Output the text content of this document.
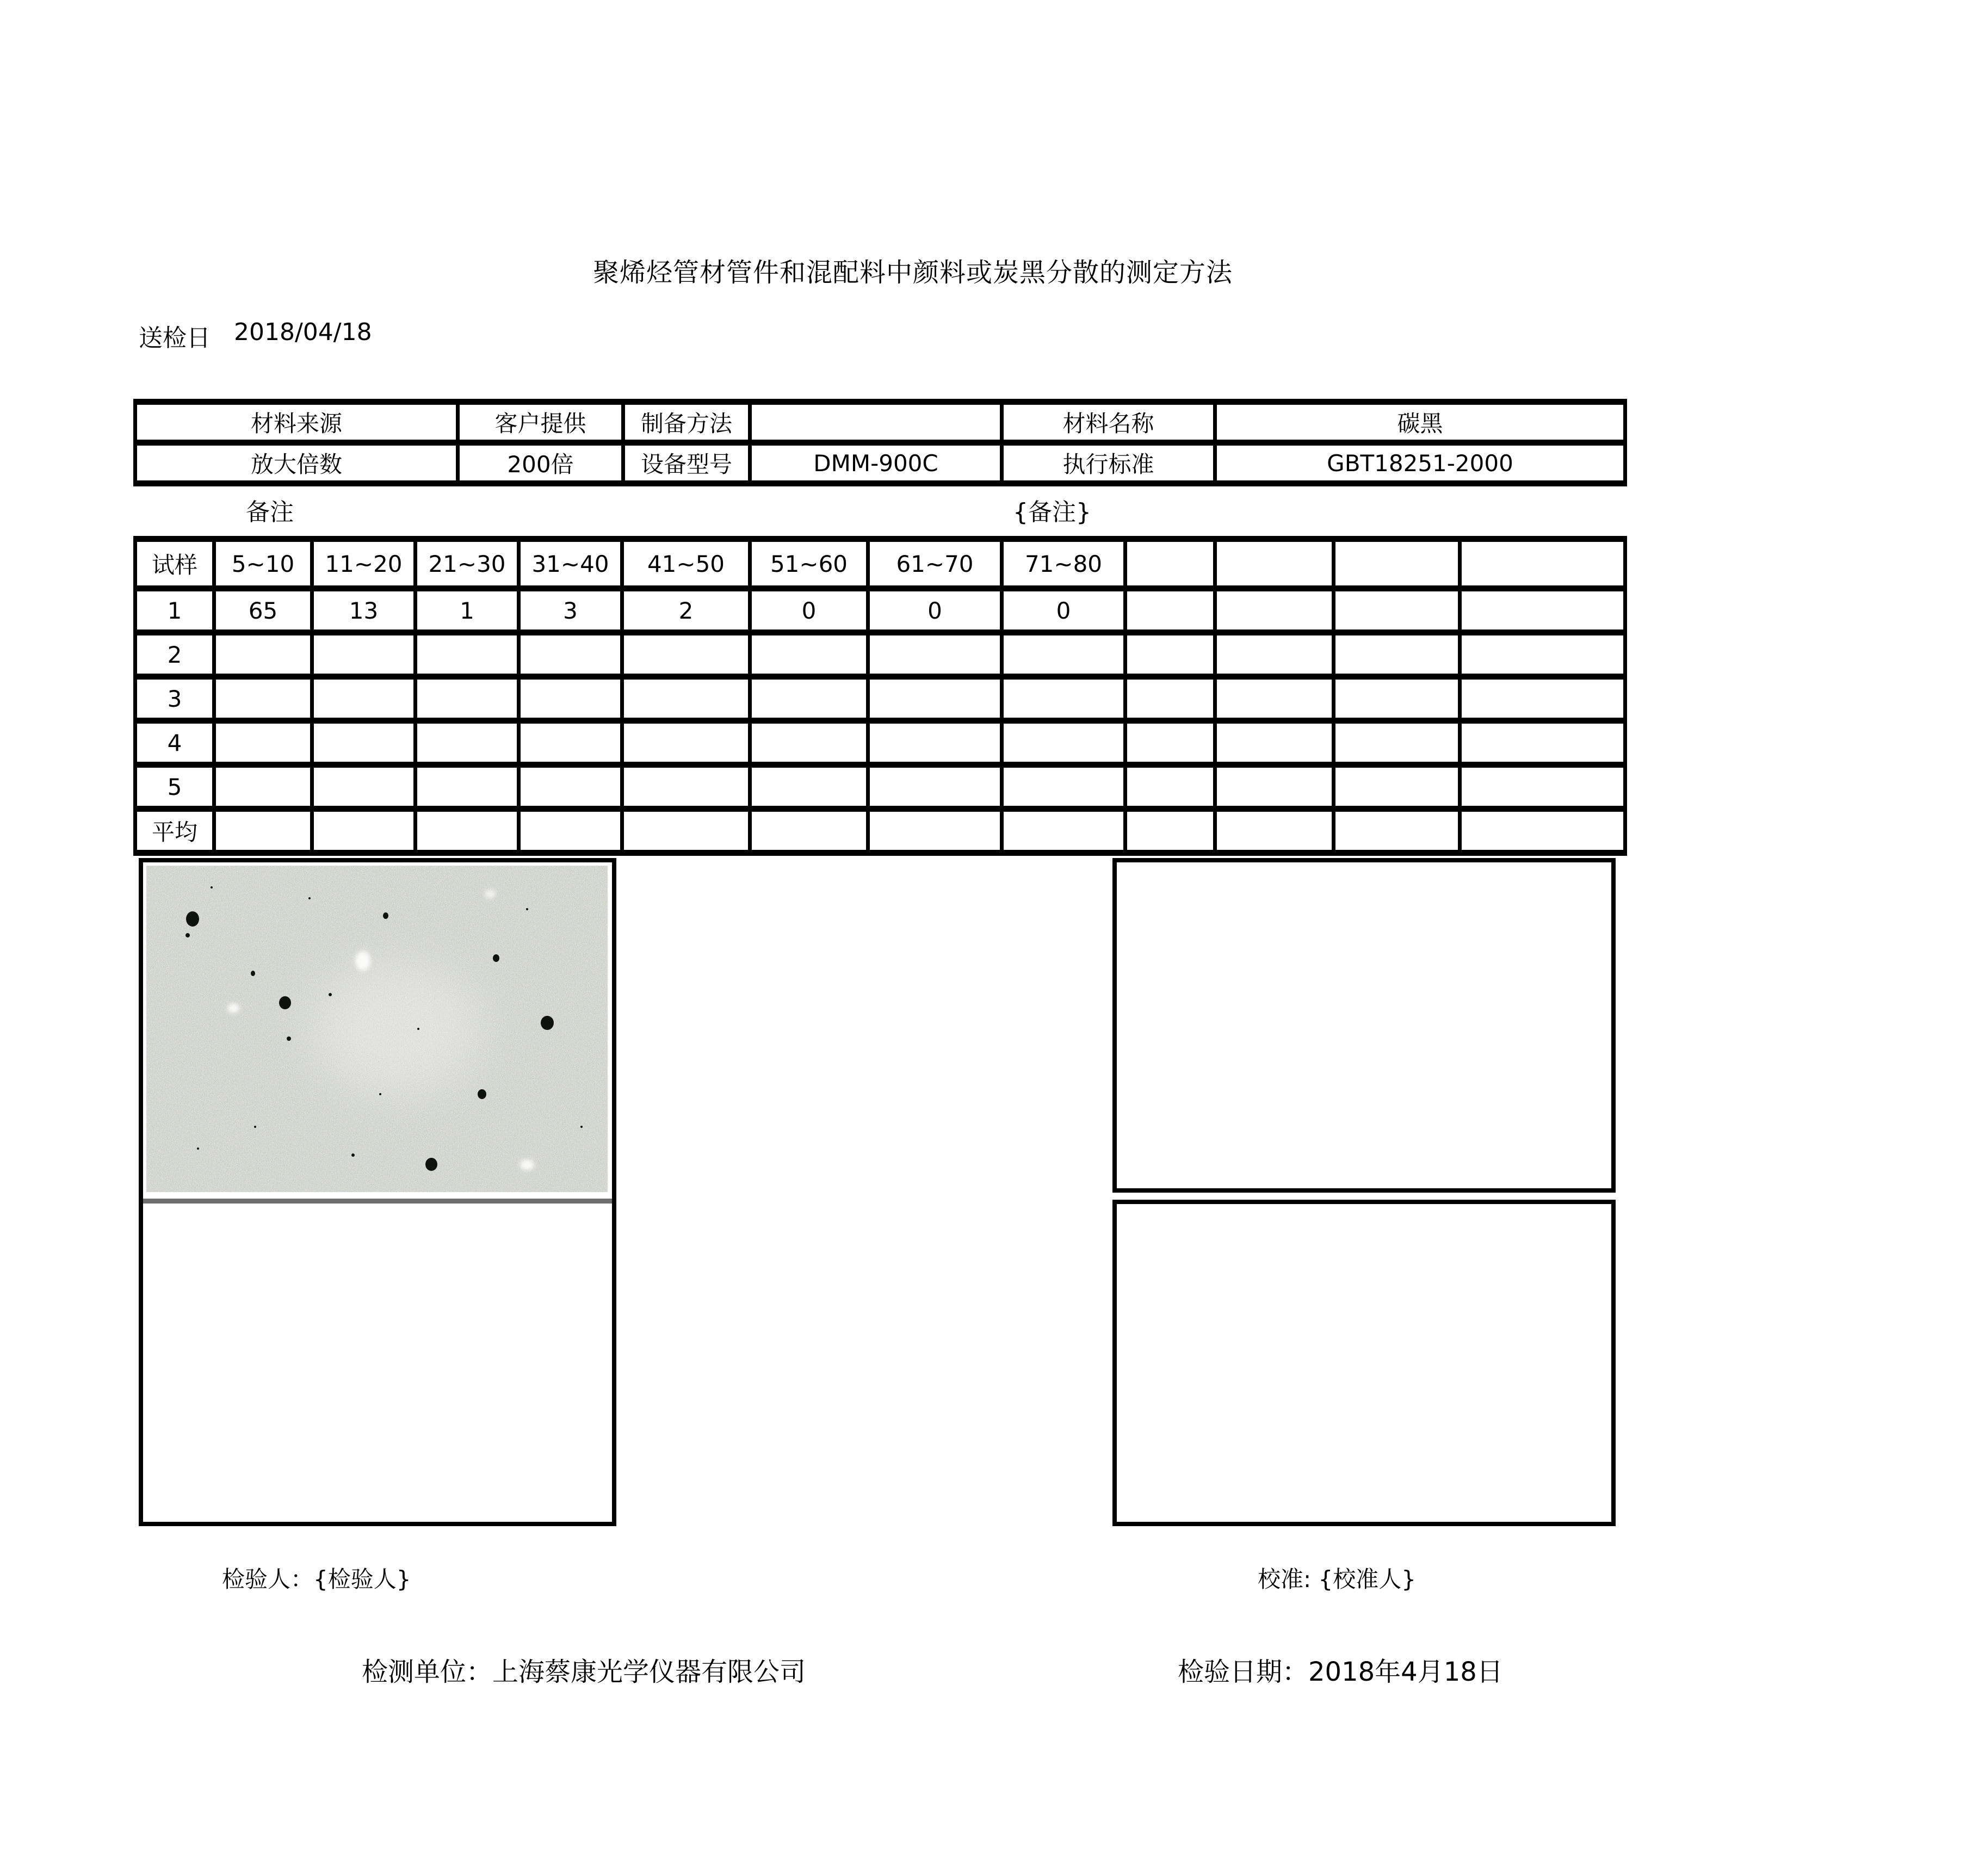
聚烯烃管材管件和混配料中颜料或炭黑分散的测定方法
送检日 2018/04/18
材料来源	客户提供	制备方法		材料名称	碳黑
放大倍数	200倍	设备型号	DMM-900C	执行标准	GBT18251-2000
备注	{备注}
试样	5~10	11~20	21~30	31~40	41~50	51~60	61~70	71~80				
1	65	13	1	3	2	0	0	0				
2												
3												
4												
5												
平均												
检验人：{检验人}	校准: {校准人}
检测单位：上海蔡康光学仪器有限公司	检验日期：2018年4月18日
